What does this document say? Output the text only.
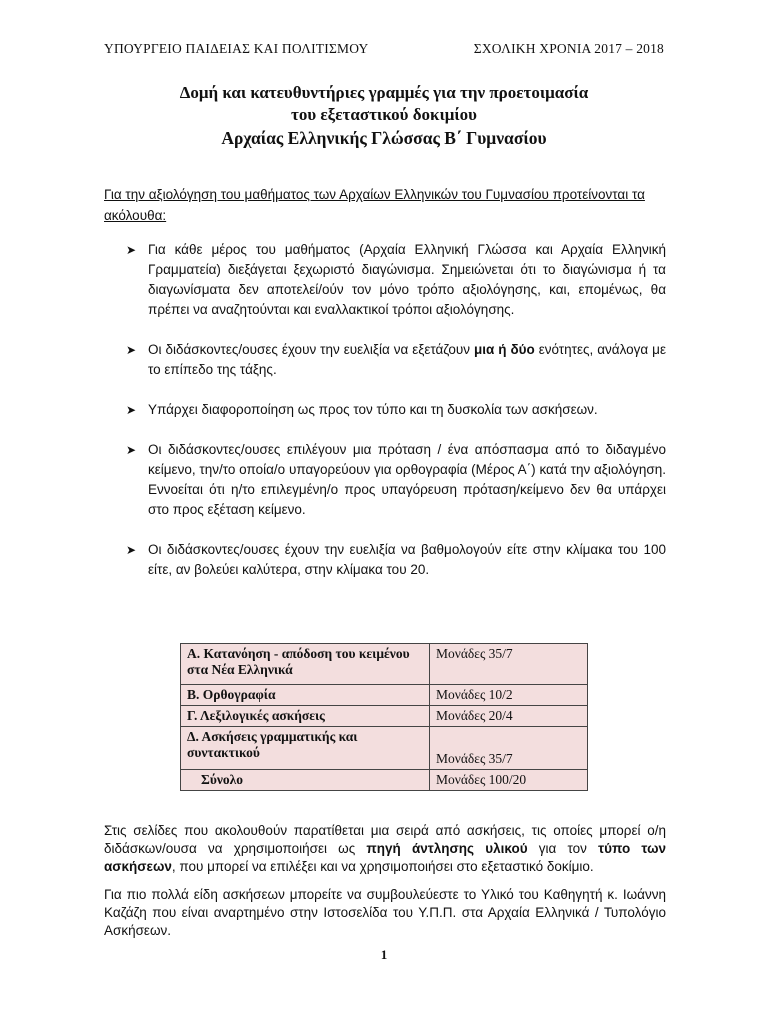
ΥΠΟΥΡΓΕΙΟ ΠΑΙΔΕΙΑΣ ΚΑΙ ΠΟΛΙΤΙΣΜΟΥ	ΣΧΟΛΙΚΗ ΧΡΟΝΙΑ 2017 – 2018
Δομή και κατευθυντήριες γραμμές για την προετοιμασία
του εξεταστικού δοκιμίου
Αρχαίας Ελληνικής Γλώσσας Β΄ Γυμνασίου
Για την αξιολόγηση του μαθήματος των Αρχαίων Ελληνικών του Γυμνασίου προτείνονται τα ακόλουθα:
➤ Για κάθε μέρος του μαθήματος (Αρχαία Ελληνική Γλώσσα και Αρχαία Ελληνική Γραμματεία) διεξάγεται ξεχωριστό διαγώνισμα. Σημειώνεται ότι το διαγώνισμα ή τα διαγωνίσματα δεν αποτελεί/ούν τον μόνο τρόπο αξιολόγησης, και, επομένως, θα πρέπει να αναζητούνται και εναλλακτικοί τρόποι αξιολόγησης.
➤ Οι διδάσκοντες/ουσες έχουν την ευελιξία να εξετάζουν μια ή δύο ενότητες, ανάλογα με το επίπεδο της τάξης.
➤ Υπάρχει διαφοροποίηση ως προς τον τύπο και τη δυσκολία των ασκήσεων.
➤ Οι διδάσκοντες/ουσες επιλέγουν μια πρόταση / ένα απόσπασμα από το διδαγμένο κείμενο, την/το οποία/ο υπαγορεύουν για ορθογραφία (Μέρος Α΄) κατά την αξιολόγηση. Εννοείται ότι η/το επιλεγμένη/ο προς υπαγόρευση πρόταση/κείμενο δεν θα υπάρχει στο προς εξέταση κείμενο.
➤ Οι διδάσκοντες/ουσες έχουν την ευελιξία να βαθμολογούν είτε στην κλίμακα του 100 είτε, αν βολεύει καλύτερα, στην κλίμακα του 20.
Α. Κατανόηση - απόδοση του κειμένου στα Νέα Ελληνικά	Μονάδες 35/7
Β. Ορθογραφία	Μονάδες 10/2
Γ. Λεξιλογικές ασκήσεις	Μονάδες 20/4
Δ. Ασκήσεις γραμματικής και συντακτικού	Μονάδες 35/7
Σύνολο	Μονάδες 100/20
Στις σελίδες που ακολουθούν παρατίθεται μια σειρά από ασκήσεις, τις οποίες μπορεί ο/η διδάσκων/ουσα να χρησιμοποιήσει ως πηγή άντλησης υλικού για τον τύπο των ασκήσεων, που μπορεί να επιλέξει και να χρησιμοποιήσει στο εξεταστικό δοκίμιο.
Για πιο πολλά είδη ασκήσεων μπορείτε να συμβουλεύεστε το Υλικό του Καθηγητή κ. Ιωάννη Καζάζη που είναι αναρτημένο στην Ιστοσελίδα του Υ.Π.Π. στα Αρχαία Ελληνικά / Τυπολόγιο Ασκήσεων.
1
